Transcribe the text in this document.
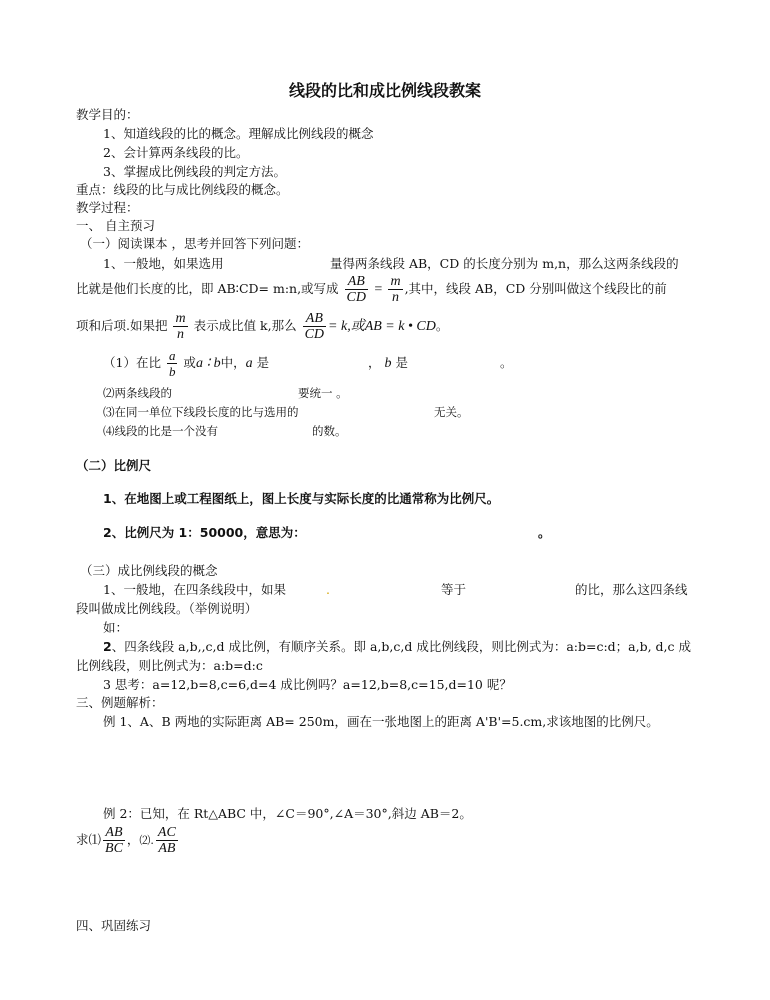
线段的比和成比例线段教案
教学目的：
1、知道线段的比的概念。理解成比例线段的概念
2、会计算两条线段的比。
3、掌握成比例线段的判定方法。
重点：线段的比与成比例线段的概念。
教学过程：
一、 自主预习
（一）阅读课本 ，思考并回答下列问题：
1、一般地，如果选用	量得两条线段 AB，CD 的长度分别为 m,n，那么这两条线段的
比就是他们长度的比，即 AB∶CD= m:n,或写成 $\frac{AB}{CD} = \frac{m}{n}$ ,其中，线段 AB，CD 分别叫做这个线段比的前
项和后项.如果把 $\frac{m}{n}$ 表示成比值 k,那么 $\frac{AB}{CD} = k$,或AB = k • CD。
（1）在比 $\frac{a}{b}$ 或a ∶ b中，a 是	， b 是	。
⑵两条线段的	要统一 。
⑶在同一单位下线段长度的比与选用的	无关。
⑷线段的比是一个没有	的数。
（二）比例尺
1、在地图上或工程图纸上，图上长度与实际长度的比通常称为比例尺。
2、比例尺为 1：50000，意思为：	。
（三）成比例线段的概念
1、一般地，在四条线段中，如果	.	等于	的比，那么这四条线
段叫做成比例线段。（举例说明）
如：
2、四条线段 a,b,,c,d 成比例，有顺序关系。即 a,b,c,d 成比例线段，则比例式为：a:b=c:d；a,b, d,c 成
比例线段，则比例式为：a:b=d:c
3 思考：a=12,b=8,c=6,d=4 成比例吗？a=12,b=8,c=15,d=10 呢？
三、例题解析：
例 1、A、B 两地的实际距离 AB= 250m，画在一张地图上的距离 A'B'=5.cm,求该地图的比例尺。
例 2：已知，在 Rt△ABC 中，∠C＝90°,∠A＝30°,斜边 AB＝2。
求⑴ $\frac{AB}{BC}$ ，⑵. $\frac{AC}{AB}$
四、巩固练习
